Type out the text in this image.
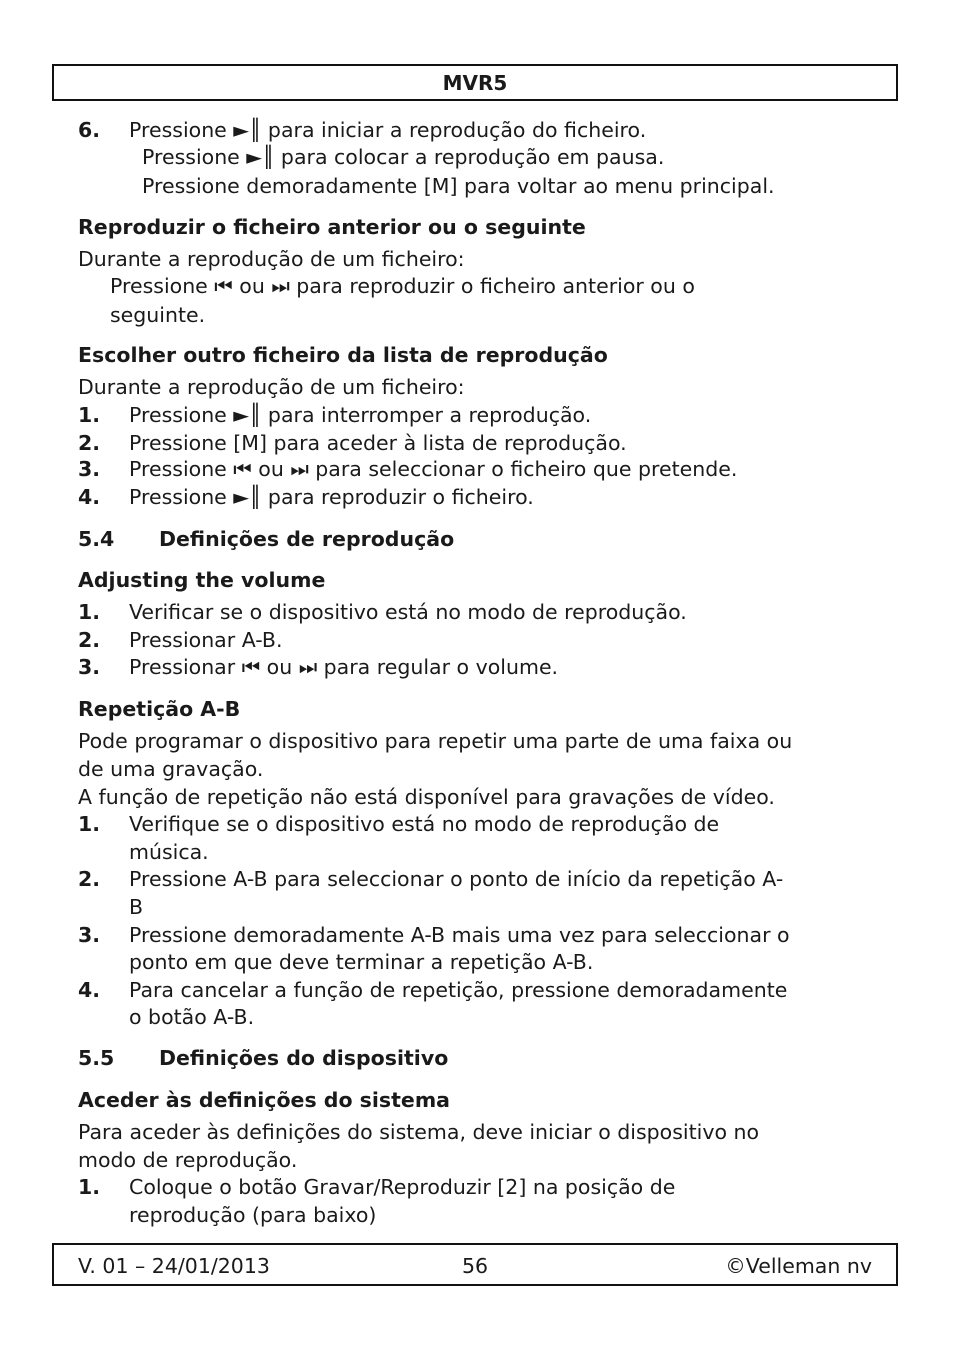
MVR5
6. Pressione ►║ para iniciar a reprodução do ficheiro.
Pressione ►║ para colocar a reprodução em pausa.
Pressione demoradamente [M] para voltar ao menu principal.
Reproduzir o ficheiro anterior ou o seguinte
Durante a reprodução de um ficheiro:
Pressione ⏮ ou ⏭ para reproduzir o ficheiro anterior ou o
seguinte.
Escolher outro ficheiro da lista de reprodução
Durante a reprodução de um ficheiro:
1. Pressione ►║ para interromper a reprodução.
2. Pressione [M] para aceder à lista de reprodução.
3. Pressione ⏮ ou ⏭ para seleccionar o ficheiro que pretende.
4. Pressione ►║ para reproduzir o ficheiro.
5.4 Definições de reprodução
Adjusting the volume
1. Verificar se o dispositivo está no modo de reprodução.
2. Pressionar A-B.
3. Pressionar ⏮ ou ⏭ para regular o volume.
Repetição A-B
Pode programar o dispositivo para repetir uma parte de uma faixa ou
de uma gravação.
A função de repetição não está disponível para gravações de vídeo.
1. Verifique se o dispositivo está no modo de reprodução de
música.
2. Pressione A-B para seleccionar o ponto de início da repetição A-
B
3. Pressione demoradamente A-B mais uma vez para seleccionar o
ponto em que deve terminar a repetição A-B.
4. Para cancelar a função de repetição, pressione demoradamente
o botão A-B.
5.5 Definições do dispositivo
Aceder às definições do sistema
Para aceder às definições do sistema, deve iniciar o dispositivo no
modo de reprodução.
1. Coloque o botão Gravar/Reproduzir [2] na posição de
reprodução (para baixo)
V. 01 – 24/01/2013	56	©Velleman nv
